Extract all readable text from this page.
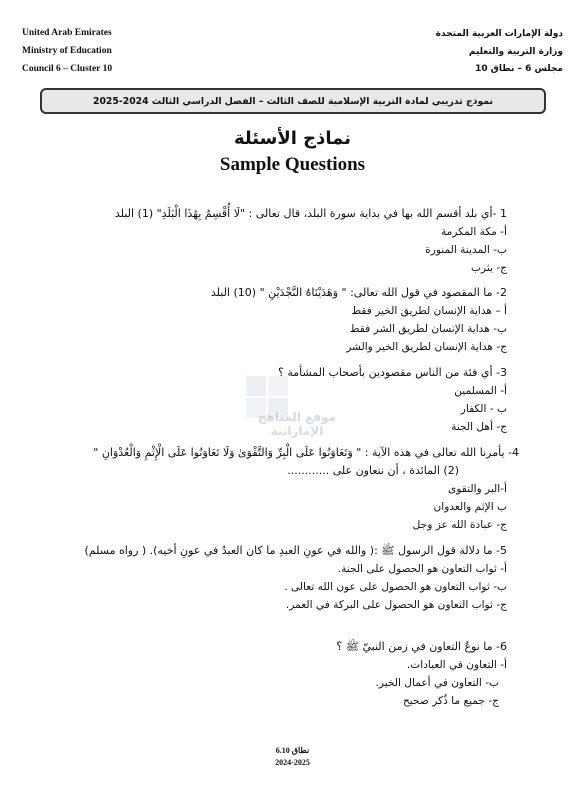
United Arab Emirates
Ministry of Education
Council 6 – Cluster 10
دولة الإمارات العربية المتحدة
وزارة التربية والتعليم
مجلس 6 – نطاق 10
نموذج تدريبي لمادة التربية الإسلامية للصف الثالث – الفصل الدراسي الثالث 2024-2025
نماذج الأسئلة
Sample Questions
موقع المناهج الإماراتية
1 -أي بلد أقسم الله بها في بداية سورة البلد، قال تعالى : "لَا أُقْسِمُ بِهَٰذَا الْبَلَدِ" (1) البلد
أ- مكة المكرمة
ب- المدينة المنورة
ج- يثرب
2- ما المقصود في قول الله تعالى: " وَهَدَيْنَاهُ النَّجْدَيْنِ " (10) البلد
أ – هداية الإنسان لطريق الخير فقط
ب- هداية الإنسان لطريق الشر فقط
ج- هداية الإنسان لطريق الخير والشر
3- أي فئة من الناس مقصودين بأصحاب المشأمة ؟
أ- المسلمين
ب - الكفار
ج- أهل الجنة
4- يأمرنا الله تعالى في هذه الآية : " وَتَعَاوَنُوا عَلَى الْبِرِّ وَالتَّقْوَىٰ وَلَا تَعَاوَنُوا عَلَى الْإِثْمِ وَالْعُدْوَانِ "
(2) المائدة ، أن نتعاون على ............
أ-البر والتقوى
ب الإثم والعدوان
ج- عبادة الله عز وجل
5- ما دلالة قول الرسول ﷺ :( والله في عونِ العبدِ ما كان العبدُ في عونِ أخيه). ( رواه مسلم)
أ- ثواب التعاون هو الحصول على الجنة.
ب- ثواب التعاون هو الحصول على عون الله تعالى .
ج- ثواب التعاون هو الحصول على البركة في العمر.
6- ما نوعُ التعاون في زمن النبيّ ﷺ ؟
أ- التعاون في العبادات.
ب- التعاون في أعمال الخير.
ج- جميع ما ذُكر صحيح
نطاق 6.10
2024-2025
